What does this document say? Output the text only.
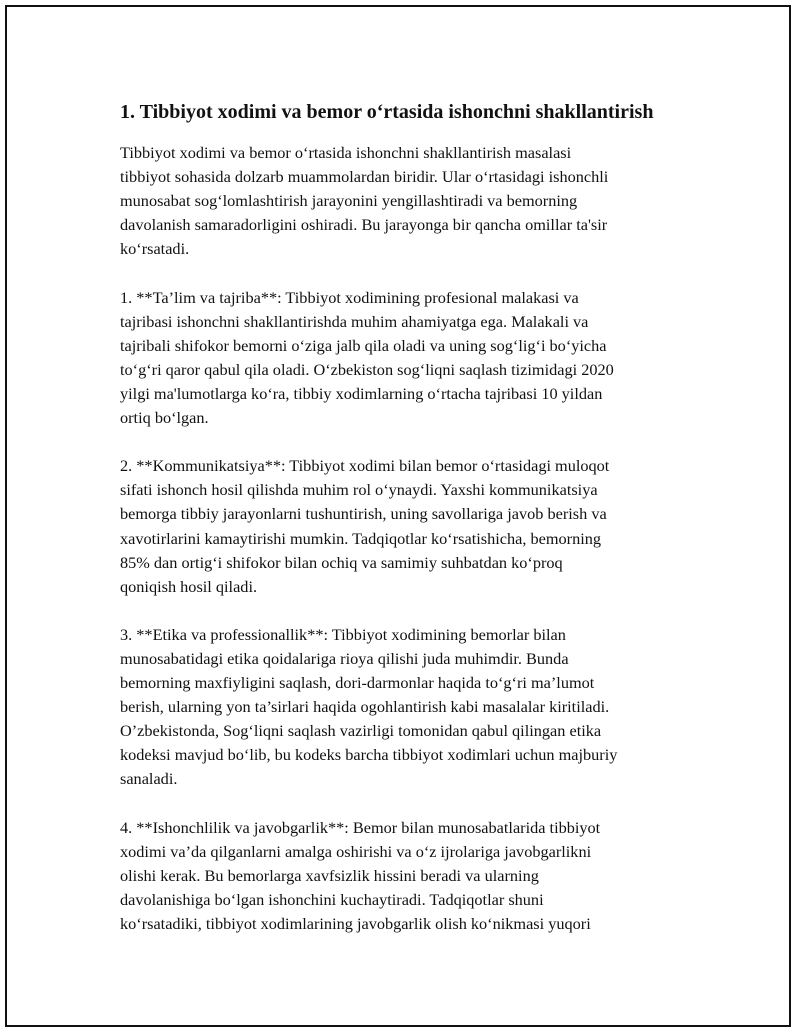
1. Tibbiyot xodimi va bemor o‘rtasida ishonchni shakllantirish
Tibbiyot xodimi va bemor o‘rtasida ishonchni shakllantirish masalasi
tibbiyot sohasida dolzarb muammolardan biridir. Ular o‘rtasidagi ishonchli
munosabat sog‘lomlashtirish jarayonini yengillashtiradi va bemorning
davolanish samaradorligini oshiradi. Bu jarayonga bir qancha omillar ta'sir
ko‘rsatadi.
1. **Ta’lim va tajriba**: Tibbiyot xodimining profesional malakasi va
tajribasi ishonchni shakllantirishda muhim ahamiyatga ega. Malakali va
tajribali shifokor bemorni o‘ziga jalb qila oladi va uning sog‘lig‘i bo‘yicha
to‘g‘ri qaror qabul qila oladi. O‘zbekiston sog‘liqni saqlash tizimidagi 2020
yilgi ma'lumotlarga ko‘ra, tibbiy xodimlarning o‘rtacha tajribasi 10 yildan
ortiq bo‘lgan.
2. **Kommunikatsiya**: Tibbiyot xodimi bilan bemor o‘rtasidagi muloqot
sifati ishonch hosil qilishda muhim rol o‘ynaydi. Yaxshi kommunikatsiya
bemorga tibbiy jarayonlarni tushuntirish, uning savollariga javob berish va
xavotirlarini kamaytirishi mumkin. Tadqiqotlar ko‘rsatishicha, bemorning
85% dan ortig‘i shifokor bilan ochiq va samimiy suhbatdan ko‘proq
qoniqish hosil qiladi.
3. **Etika va professionallik**: Tibbiyot xodimining bemorlar bilan
munosabatidagi etika qoidalariga rioya qilishi juda muhimdir. Bunda
bemorning maxfiyligini saqlash, dori-darmonlar haqida to‘g‘ri ma’lumot
berish, ularning yon ta’sirlari haqida ogohlantirish kabi masalalar kiritiladi.
O’zbekistonda, Sog‘liqni saqlash vazirligi tomonidan qabul qilingan etika
kodeksi mavjud bo‘lib, bu kodeks barcha tibbiyot xodimlari uchun majburiy
sanaladi.
4. **Ishonchlilik va javobgarlik**: Bemor bilan munosabatlarida tibbiyot
xodimi va’da qilganlarni amalga oshirishi va o‘z ijrolariga javobgarlikni
olishi kerak. Bu bemorlarga xavfsizlik hissini beradi va ularning
davolanishiga bo‘lgan ishonchini kuchaytiradi. Tadqiqotlar shuni
ko‘rsatadiki, tibbiyot xodimlarining javobgarlik olish ko‘nikmasi yuqori
